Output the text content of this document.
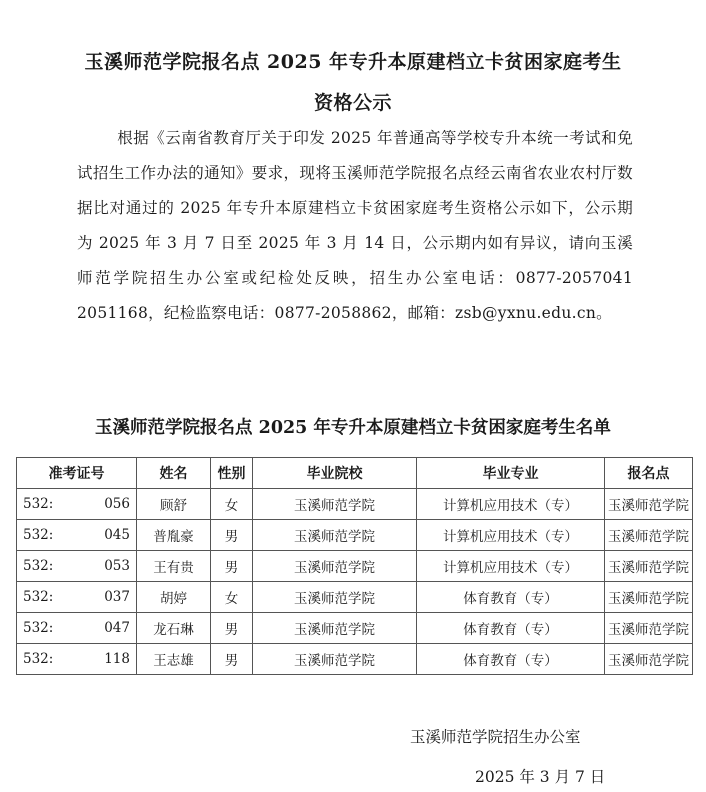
玉溪师范学院报名点 2025 年专升本原建档立卡贫困家庭考生
资格公示

根据《云南省教育厅关于印发 2025 年普通高等学校专升本统一考试和免试招生工作办法的通知》要求，现将玉溪师范学院报名点经云南省农业农村厅数据比对通过的 2025 年专升本原建档立卡贫困家庭考生资格公示如下，公示期为 2025 年 3 月 7 日至 2025 年 3 月 14 日，公示期内如有异议，请向玉溪师范学院招生办公室或纪检处反映，招生办公室电话：0877-2057041 2051168，纪检监察电话：0877-2058862，邮箱：zsb@yxnu.edu.cn。

玉溪师范学院报名点 2025 年专升本原建档立卡贫困家庭考生名单
准考证号	姓名	性别	毕业院校	毕业专业	报名点

532: 056	顾舒	女	玉溪师范学院	计算机应用技术（专）	玉溪师范学院

532: 045	普胤豪	男	玉溪师范学院	计算机应用技术（专）	玉溪师范学院

532: 053	王有贵	男	玉溪师范学院	计算机应用技术（专）	玉溪师范学院

532: 037	胡婷	女	玉溪师范学院	体育教育（专）	玉溪师范学院

532: 047	龙石琳	男	玉溪师范学院	体育教育（专）	玉溪师范学院

532: 118	王志雄	男	玉溪师范学院	体育教育（专）	玉溪师范学院

玉溪师范学院招生办公室

2025 年 3 月 7 日
